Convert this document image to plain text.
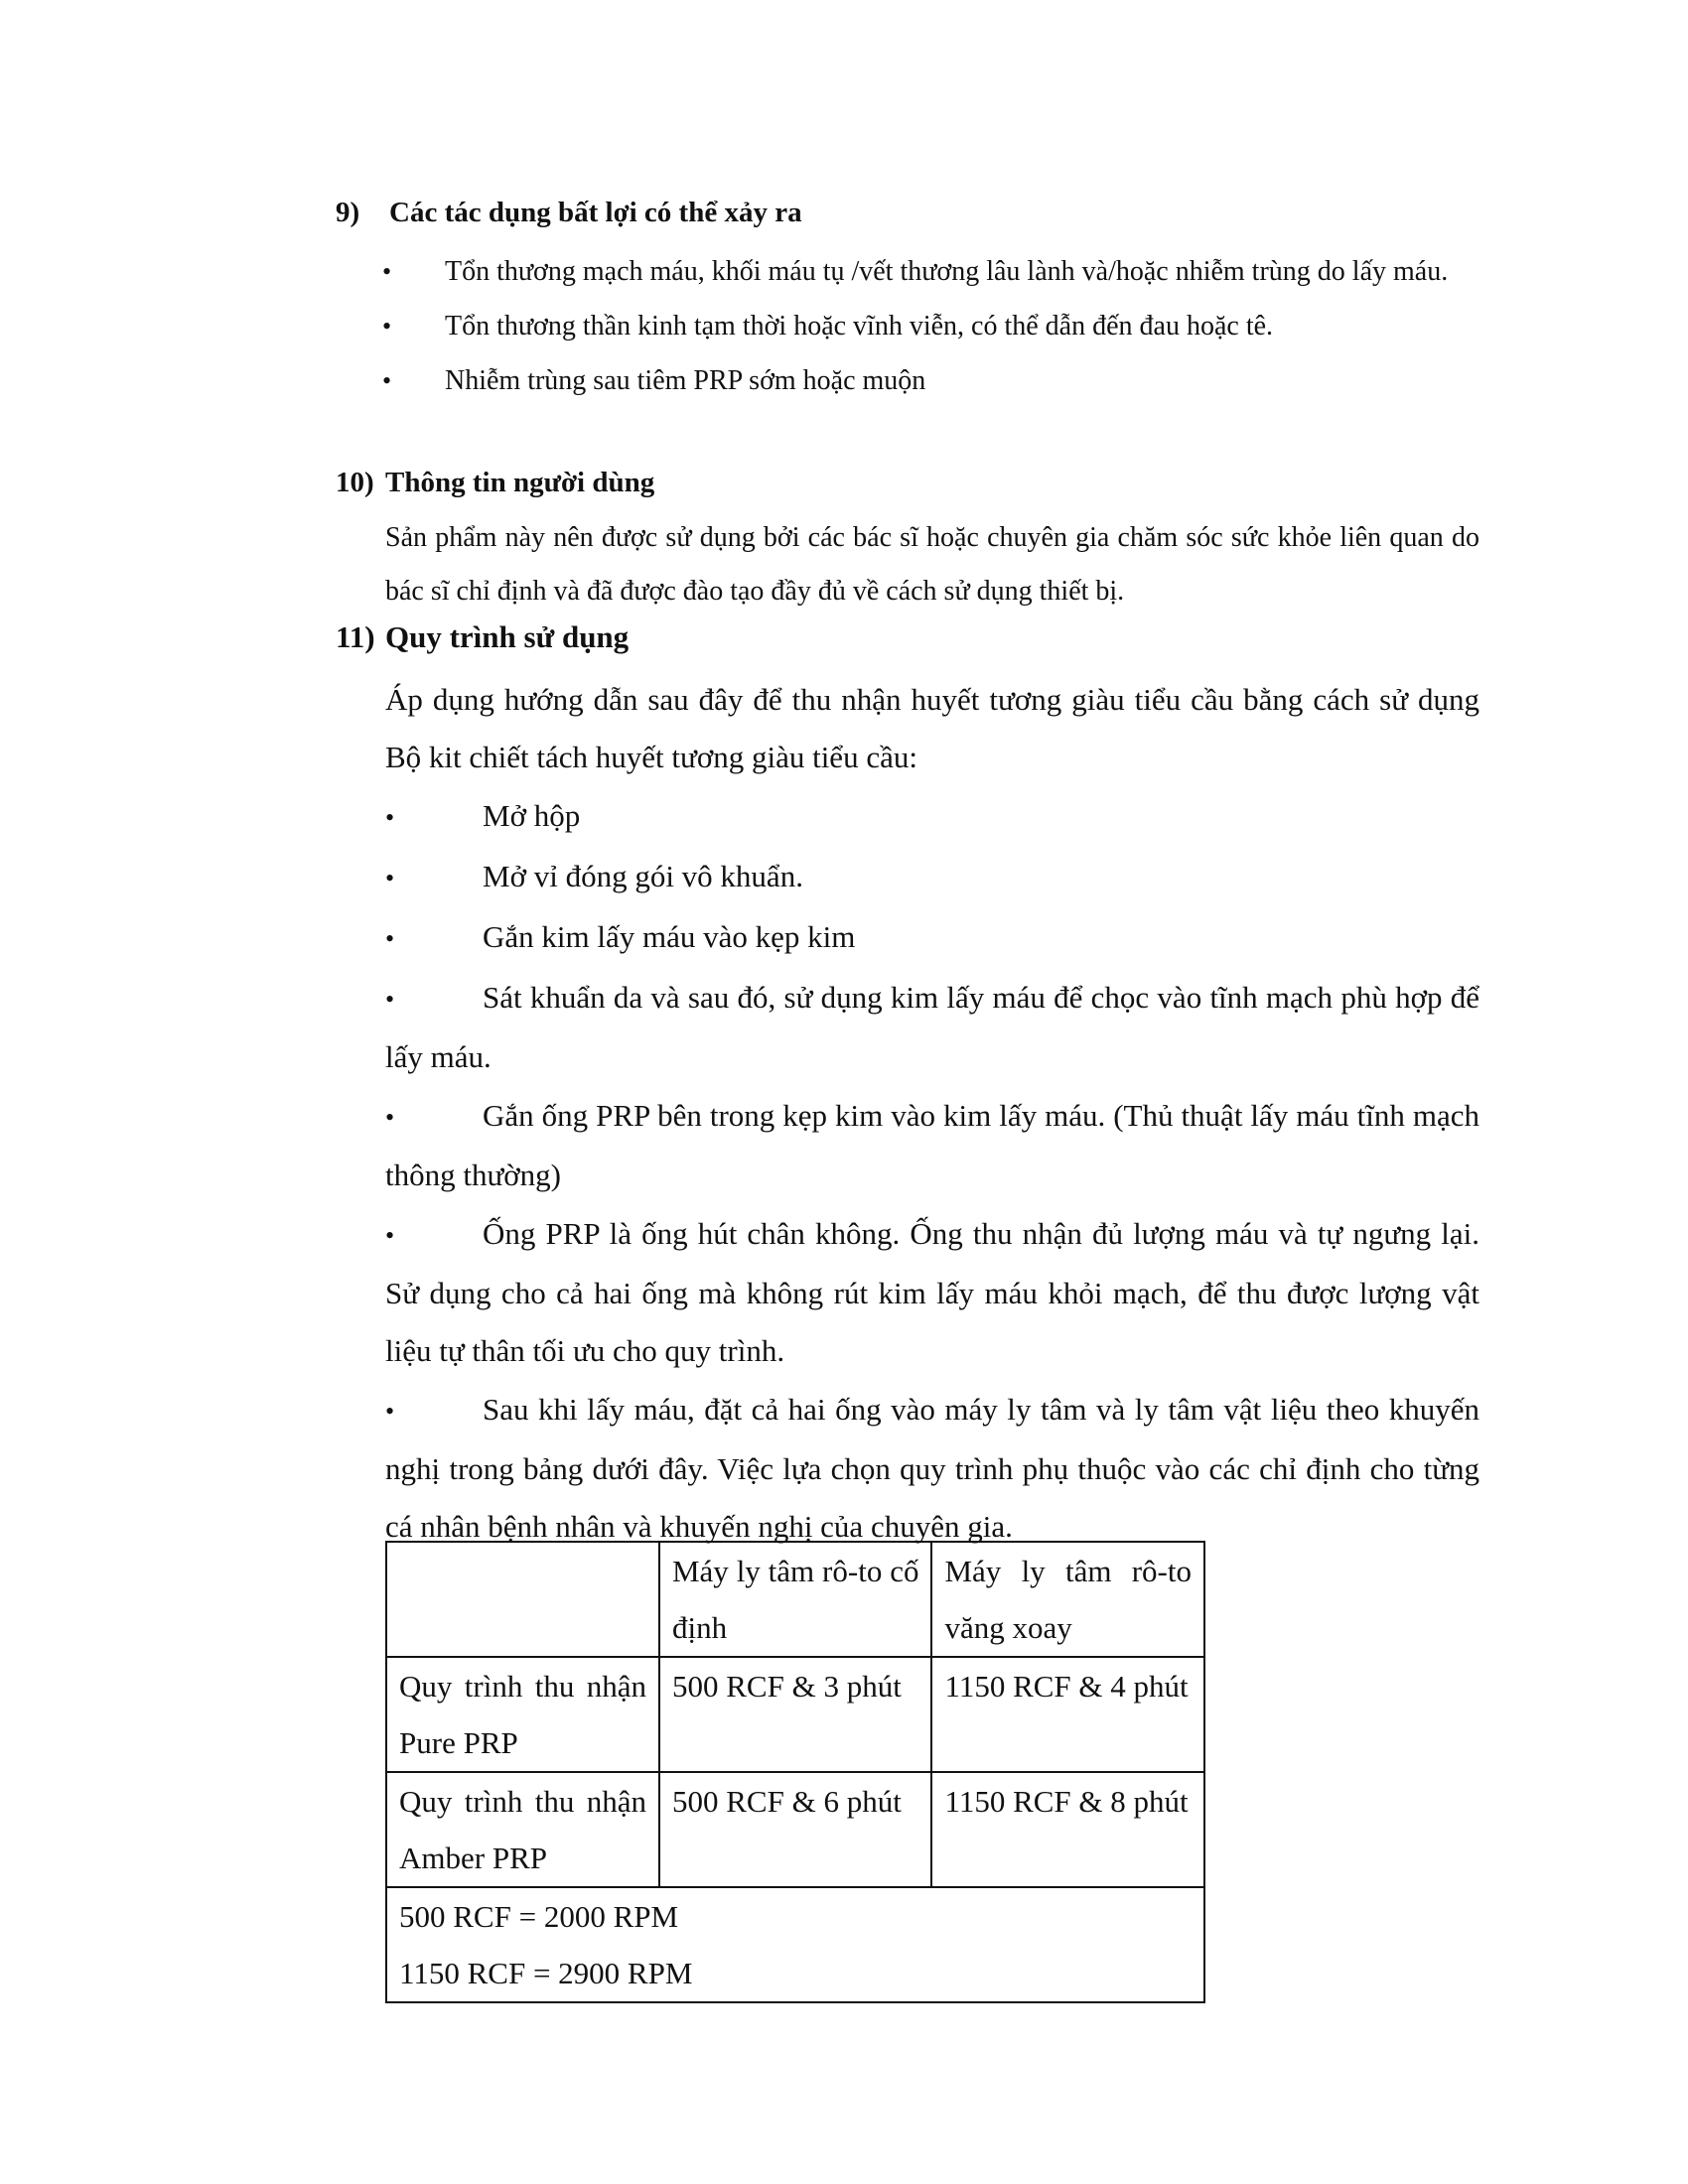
9) Các tác dụng bất lợi có thể xảy ra
• Tổn thương mạch máu, khối máu tụ /vết thương lâu lành và/hoặc nhiễm trùng do lấy máu.
• Tổn thương thần kinh tạm thời hoặc vĩnh viễn, có thể dẫn đến đau hoặc tê.
• Nhiễm trùng sau tiêm PRP sớm hoặc muộn
10) Thông tin người dùng

Sản phẩm này nên được sử dụng bởi các bác sĩ hoặc chuyên gia chăm sóc sức khỏe liên quan do bác sĩ chỉ định và đã được đào tạo đầy đủ về cách sử dụng thiết bị.

11) Quy trình sử dụng

Áp dụng hướng dẫn sau đây để thu nhận huyết tương giàu tiểu cầu bằng cách sử dụng Bộ kit chiết tách huyết tương giàu tiểu cầu:

•	Mở hộp
•	Mở vỉ đóng gói vô khuẩn.
•	Gắn kim lấy máu vào kẹp kim
•	Sát khuẩn da và sau đó, sử dụng kim lấy máu để chọc vào tĩnh mạch phù hợp để lấy máu.
•	Gắn ống PRP bên trong kẹp kim vào kim lấy máu. (Thủ thuật lấy máu tĩnh mạch thông thường)
•	Ống PRP là ống hút chân không. Ống thu nhận đủ lượng máu và tự ngưng lại. Sử dụng cho cả hai ống mà không rút kim lấy máu khỏi mạch, để thu được lượng vật liệu tự thân tối ưu cho quy trình.
•	Sau khi lấy máu, đặt cả hai ống vào máy ly tâm và ly tâm vật liệu theo khuyến nghị trong bảng dưới đây. Việc lựa chọn quy trình phụ thuộc vào các chỉ định cho từng cá nhân bệnh nhân và khuyến nghị của chuyên gia.
	Máy ly tâm rô-to cố định	Máy ly tâm rô-to văng xoay
Quy trình thu nhận Pure PRP	500 RCF & 3 phút	1150 RCF & 4 phút
Quy trình thu nhận Amber PRP	500 RCF & 6 phút	1150 RCF & 8 phút

500 RCF = 2000 RPM
1150 RCF = 2900 RPM		
